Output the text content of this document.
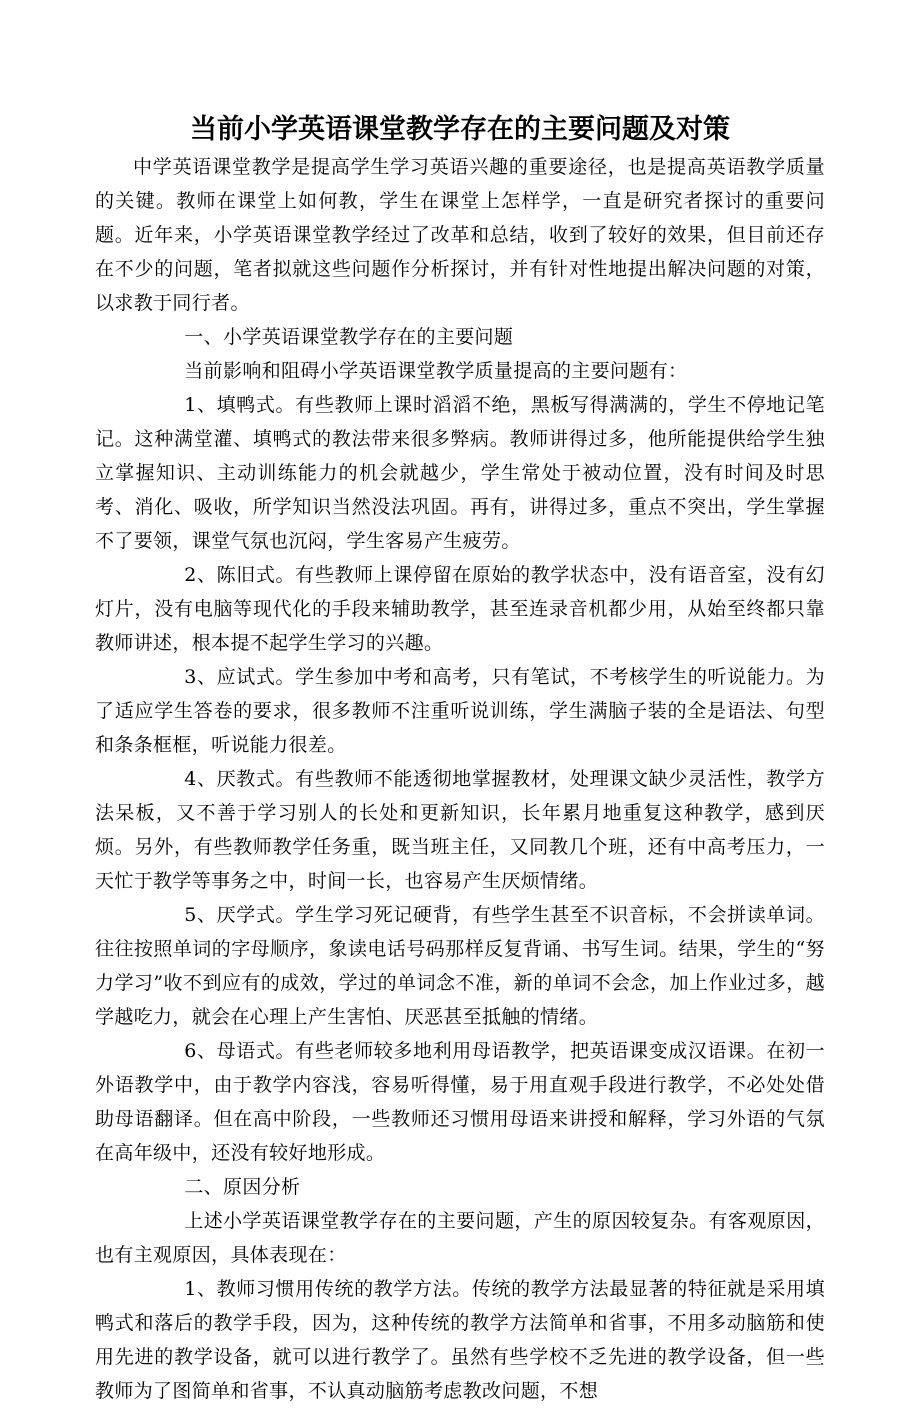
当前小学英语课堂教学存在的主要问题及对策

中学英语课堂教学是提高学生学习英语兴趣的重要途径，也是提高英语教学质量的关键。教师在课堂上如何教，学生在课堂上怎样学，一直是研究者探讨的重要问题。近年来，小学英语课堂教学经过了改革和总结，收到了较好的效果，但目前还存在不少的问题，笔者拟就这些问题作分析探讨，并有针对性地提出解决问题的对策，以求教于同行者。

一、小学英语课堂教学存在的主要问题

当前影响和阻碍小学英语课堂教学质量提高的主要问题有：

1、填鸭式。有些教师上课时滔滔不绝，黑板写得满满的，学生不停地记笔记。这种满堂灌、填鸭式的教法带来很多弊病。教师讲得过多，他所能提供给学生独立掌握知识、主动训练能力的机会就越少，学生常处于被动位置，没有时间及时思考、消化、吸收，所学知识当然没法巩固。再有，讲得过多，重点不突出，学生掌握不了要领，课堂气氛也沉闷，学生客易产生疲劳。

2、陈旧式。有些教师上课停留在原始的教学状态中，没有语音室，没有幻灯片，没有电脑等现代化的手段来辅助教学，甚至连录音机都少用，从始至终都只靠教师讲述，根本提不起学生学习的兴趣。

3、应试式。学生参加中考和高考，只有笔试，不考核学生的听说能力。为了适应学生答卷的要求，很多教师不注重听说训练，学生满脑子装的全是语法、句型和条条框框，听说能力很差。

4、厌教式。有些教师不能透彻地掌握教材，处理课文缺少灵活性，教学方法呆板，又不善于学习别人的长处和更新知识，长年累月地重复这种教学，感到厌烦。另外，有些教师教学任务重，既当班主任，又同教几个班，还有中高考压力，一天忙于教学等事务之中，时间一长，也容易产生厌烦情绪。

5、厌学式。学生学习死记硬背，有些学生甚至不识音标，不会拼读单词。往往按照单词的字母顺序，象读电话号码那样反复背诵、书写生词。结果，学生的“努力学习”收不到应有的成效，学过的单词念不准，新的单词不会念，加上作业过多，越学越吃力，就会在心理上产生害怕、厌恶甚至抵触的情绪。

6、母语式。有些老师较多地利用母语教学，把英语课变成汉语课。在初一外语教学中，由于教学内容浅，容易听得懂，易于用直观手段进行教学，不必处处借助母语翻译。但在高中阶段，一些教师还习惯用母语来讲授和解释，学习外语的气氛在高年级中，还没有较好地形成。

二、原因分析

上述小学英语课堂教学存在的主要问题，产生的原因较复杂。有客观原因，也有主观原因，具体表现在：

1、教师习惯用传统的教学方法。传统的教学方法最显著的特征就是采用填鸭式和落后的教学手段，因为，这种传统的教学方法简单和省事，不用多动脑筋和使用先进的教学设备，就可以进行教学了。虽然有些学校不乏先进的教学设备，但一些教师为了图简单和省事，不认真动脑筋考虑教改问题，不想
